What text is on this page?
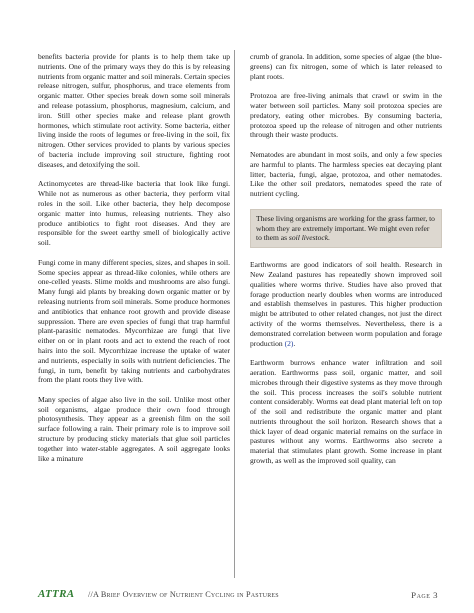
benefits bacteria provide for plants is to help them take up nutrients. One of the primary ways they do this is by releasing nutrients from organic matter and soil minerals. Certain species release nitrogen, sulfur, phosphorus, and trace elements from organic matter. Other species break down some soil minerals and release potassium, phosphorus, magnesium, calcium, and iron. Still other species make and release plant growth hormones, which stimulate root activity. Some bacteria, either living inside the roots of legumes or free-living in the soil, fix nitrogen. Other services provided to plants by various species of bacteria include improving soil structure, fighting root diseases, and detoxifying the soil.

Actinomycetes are thread-like bacteria that look like fungi. While not as numerous as other bacteria, they perform vital roles in the soil. Like other bacteria, they help decompose organic matter into humus, releasing nutrients. They also produce antibiotics to fight root diseases. And they are responsible for the sweet earthy smell of biologically active soil.

Fungi come in many different species, sizes, and shapes in soil. Some species appear as thread-like colonies, while others are one-celled yeasts. Slime molds and mushrooms are also fungi. Many fungi aid plants by breaking down organic matter or by releasing nutrients from soil minerals. Some produce hormones and antibiotics that enhance root growth and provide disease suppression. There are even species of fungi that trap harmful plant-parasitic nematodes. Mycorrhizae are fungi that live either on or in plant roots and act to extend the reach of root hairs into the soil. Mycorrhizae increase the uptake of water and nutrients, especially in soils with nutrient deficiencies. The fungi, in turn, benefit by taking nutrients and carbohydrates from the plant roots they live with.

Many species of algae also live in the soil. Unlike most other soil organisms, algae produce their own food through photosynthesis. They appear as a greenish film on the soil surface following a rain. Their primary role is to improve soil structure by producing sticky materials that glue soil particles together into water-stable aggregates. A soil aggregate looks like a minature

crumb of granola. In addition, some species of algae (the blue-greens) can fix nitrogen, some of which is later released to plant roots.

Protozoa are free-living animals that crawl or swim in the water between soil particles. Many soil protozoa species are predatory, eating other microbes. By consuming bacteria, protozoa speed up the release of nitrogen and other nutrients through their waste products.

Nematodes are abundant in most soils, and only a few species are harmful to plants. The harmless species eat decaying plant litter, bacteria, fungi, algae, protozoa, and other nematodes. Like the other soil predators, nematodes speed the rate of nutrient cycling.

These living organisms are working for the grass farmer, to whom they are extremely important. We might even refer to them as soil livestock.

Earthworms are good indicators of soil health. Research in New Zealand pastures has repeatedly shown improved soil qualities where worms thrive. Studies have also proved that forage production nearly doubles when worms are introduced and establish themselves in pastures. This higher production might be attributed to other related changes, not just the direct activity of the worms themselves. Nevertheless, there is a demonstrated correlation between worm population and forage production (2).

Earthworm burrows enhance water infiltration and soil aeration. Earthworms pass soil, organic matter, and soil microbes through their digestive systems as they move through the soil. This process increases the soil's soluble nutrient content considerably. Worms eat dead plant material left on top of the soil and redistribute the organic matter and plant nutrients throughout the soil horizon. Research shows that a thick layer of dead organic material remains on the surface in pastures without any worms. Earthworms also secrete a material that stimulates plant growth. Some increase in plant growth, as well as the improved soil quality, can

ATTRA //A Brief Overview of Nutrient Cycling in Pastures	Page 3
